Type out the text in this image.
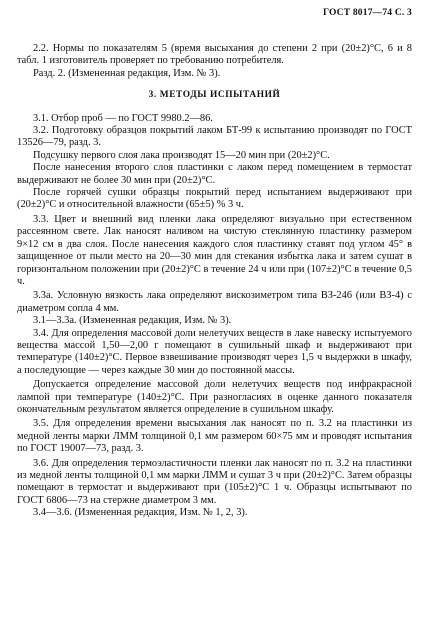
ГОСТ 8017—74 С. 3

2.2. Нормы по показателям 5 (время высыхания до степени 2 при (20±2)°С, 6 и 8 табл. 1 изготовитель проверяет по требованию потребителя.

Разд. 2. (Измененная редакция, Изм. № 3).

3. МЕТОДЫ ИСПЫТАНИЙ

3.1. Отбор проб — по ГОСТ 9980.2—86.

3.2. Подготовку образцов покрытий лаком БТ-99 к испытанию производят по ГОСТ 13526—79, разд. 3.

Подсушку первого слоя лака производят 15—20 мин при (20±2)°С.

После нанесения второго слоя пластинки с лаком перед помещением в термостат выдерживают не более 30 мин при (20±2)°С.

После горячей сушки образцы покрытий перед испытанием выдерживают при (20±2)°С и относительной влажности (65±5) % 3 ч.

3.3. Цвет и внешний вид пленки лака определяют визуально при естественном рассеянном свете. Лак наносят наливом на чистую стеклянную пластинку размером 9×12 см в два слоя. После нанесения каждого слоя пластинку ставят под углом 45° в защищенное от пыли место на 20—30 мин для стекания избытка лака и затем сушат в горизонтальном положении при (20±2)°С в течение 24 ч или при (107±2)°С в течение 0,5 ч.

3.3а. Условную вязкость лака определяют вискозиметром типа ВЗ-246 (или ВЗ-4) с диаметром сопла 4 мм.

3.1—3.3а. (Измененная редакция, Изм. № 3).

3.4. Для определения массовой доли нелетучих веществ в лаке навеску испытуемого вещества массой 1,50—2,00 г помещают в сушильный шкаф и выдерживают при температуре (140±2)°С. Первое взвешивание производят через 1,5 ч выдержки в шкафу, а последующие — через каждые 30 мин до постоянной массы.

Допускается определение массовой доли нелетучих веществ под инфракрасной лампой при температуре (140±2)°С. При разногласиях в оценке данного показателя окончательным результатом является определение в сушильном шкафу.

3.5. Для определения времени высыхания лак наносят по п. 3.2 на пластинки из медной ленты марки ЛММ толщиной 0,1 мм размером 60×75 мм и проводят испытания по ГОСТ 19007—73, разд. 3.

3.6. Для определения термоэластичности пленки лак наносят по п. 3.2 на пластинки из медной ленты толщиной 0,1 мм марки ЛММ и сушат 3 ч при (20±2)°С. Затем образцы помещают в термостат и выдерживают при (105±2)°С 1 ч. Образцы испытывают по ГОСТ 6806—73 на стержне диаметром 3 мм.

3.4—3.6. (Измененная редакция, Изм. № 1, 2, 3).
